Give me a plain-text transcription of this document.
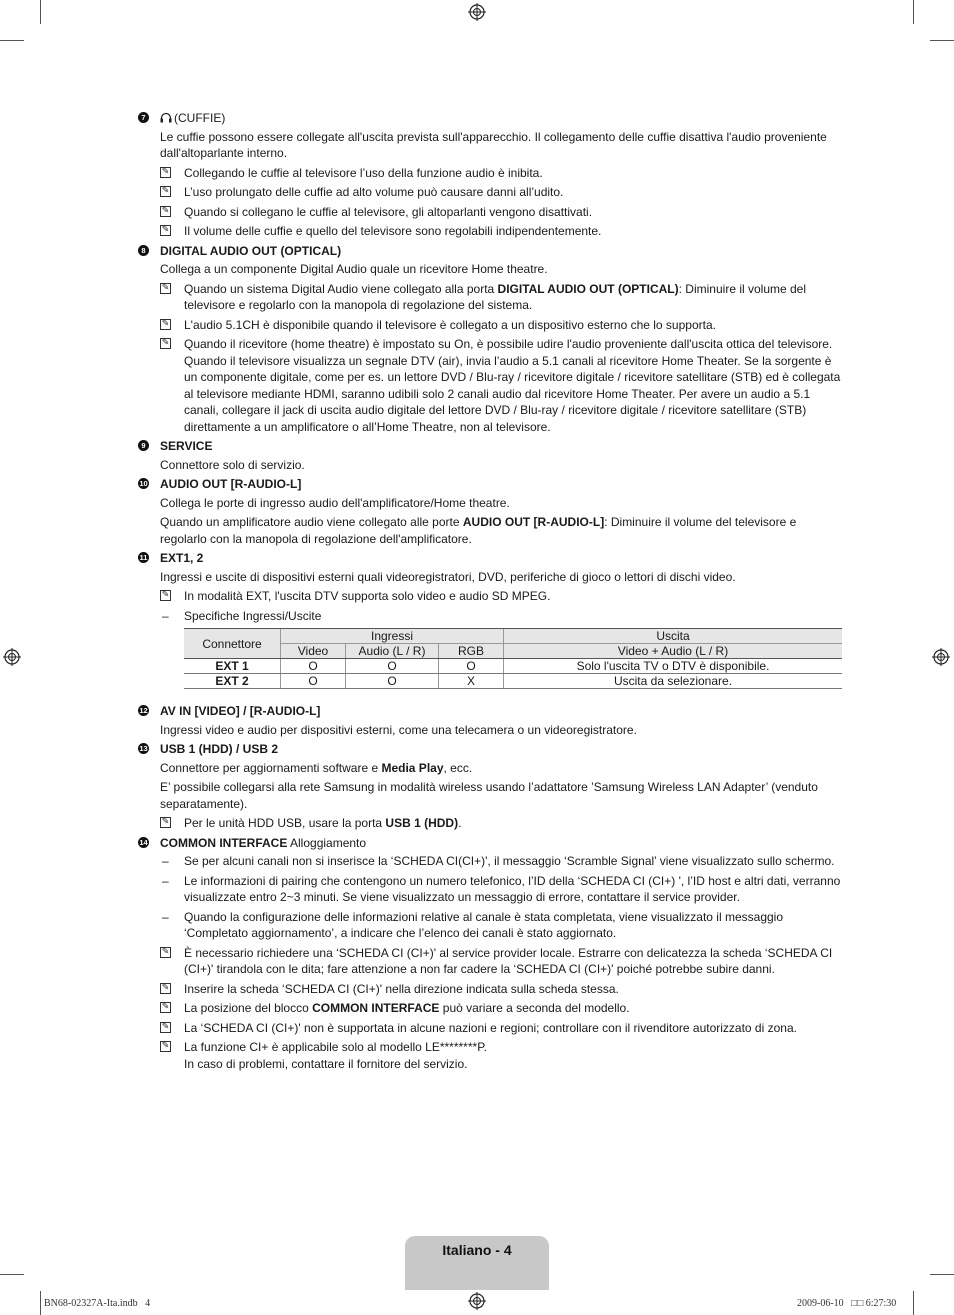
7 (CUFFIE)
Le cuffie possono essere collegate all'uscita prevista sull'apparecchio. Il collegamento delle cuffie disattiva l'audio proveniente dall'altoparlante interno.
✎ Collegando le cuffie al televisore l’uso della funzione audio è inibita.
✎ L’uso prolungato delle cuffie ad alto volume può causare danni all’udito.
✎ Quando si collegano le cuffie al televisore, gli altoparlanti vengono disattivati.
✎ Il volume delle cuffie e quello del televisore sono regolabili indipendentemente.
8 DIGITAL AUDIO OUT (OPTICAL)
Collega a un componente Digital Audio quale un ricevitore Home theatre.
✎ Quando un sistema Digital Audio viene collegato alla porta DIGITAL AUDIO OUT (OPTICAL): Diminuire il volume del televisore e regolarlo con la manopola di regolazione del sistema.
✎ L'audio 5.1CH è disponibile quando il televisore è collegato a un dispositivo esterno che lo supporta.
✎ Quando il ricevitore (home theatre) è impostato su On, è possibile udire l'audio proveniente dall'uscita ottica del televisore. Quando il televisore visualizza un segnale DTV (air), invia l’audio a 5.1 canali al ricevitore Home Theater. Se la sorgente è un componente digitale, come per es. un lettore DVD / Blu-ray / ricevitore digitale / ricevitore satellitare (STB) ed è collegata al televisore mediante HDMI, saranno udibili solo 2 canali audio dal ricevitore Home Theater. Per avere un audio a 5.1 canali, collegare il jack di uscita audio digitale del lettore DVD / Blu-ray / ricevitore digitale / ricevitore satellitare (STB) direttamente a un amplificatore o all’Home Theatre, non al televisore.
9 SERVICE
Connettore solo di servizio.
10 AUDIO OUT [R-AUDIO-L]
Collega le porte di ingresso audio dell'amplificatore/Home theatre.
Quando un amplificatore audio viene collegato alle porte AUDIO OUT [R-AUDIO-L]: Diminuire il volume del televisore e regolarlo con la manopola di regolazione dell'amplificatore.
11 EXT1, 2
Ingressi e uscite di dispositivi esterni quali videoregistratori, DVD, periferiche di gioco o lettori di dischi video.
✎ In modalità EXT, l'uscita DTV supporta solo video e audio SD MPEG.
– Specifiche Ingressi/Uscite
Connettore	Ingressi			Uscita
	Video	Audio (L / R)	RGB	Video + Audio (L / R)
EXT 1	O	O	O	Solo l'uscita TV o DTV è disponibile.
EXT 2	O	O	X	Uscita da selezionare.
12 AV IN [VIDEO] / [R-AUDIO-L]
Ingressi video e audio per dispositivi esterni, come una telecamera o un videoregistratore.
13 USB 1 (HDD) / USB 2
Connettore per aggiornamenti software e Media Play, ecc.
E’ possibile collegarsi alla rete Samsung in modalità wireless usando l’adattatore ’Samsung Wireless LAN Adapter’ (venduto separatamente).
✎ Per le unità HDD USB, usare la porta USB 1 (HDD).
14 COMMON INTERFACE Alloggiamento
– Se per alcuni canali non si inserisce la ‘SCHEDA CI(CI+)', il messaggio ‘Scramble Signal’ viene visualizzato sullo schermo.
– Le informazioni di pairing che contengono un numero telefonico, l’ID della ‘SCHEDA CI (CI+) ', l’ID host e altri dati, verranno visualizzate entro 2~3 minuti. Se viene visualizzato un messaggio di errore, contattare il service provider.
– Quando la configurazione delle informazioni relative al canale è stata completata, viene visualizzato il messaggio ‘Completato aggiornamento’, a indicare che l’elenco dei canali è stato aggiornato.
✎ È necessario richiedere una ‘SCHEDA CI (CI+)' al service provider locale. Estrarre con delicatezza la scheda ‘SCHEDA CI (CI+)' tirandola con le dita; fare attenzione a non far cadere la ‘SCHEDA CI (CI+)' poiché potrebbe subire danni.
✎ Inserire la scheda ‘SCHEDA CI (CI+)' nella direzione indicata sulla scheda stessa.
✎ La posizione del blocco COMMON INTERFACE può variare a seconda del modello.
✎ La ‘SCHEDA CI (CI+)' non è supportata in alcune nazioni e regioni; controllare con il rivenditore autorizzato di zona.
✎ La funzione CI+ è applicabile solo al modello LE********P.
In caso di problemi, contattare il fornitore del servizio.
Italiano - 4
BN68-02327A-Ita.indb   4	2009-06-10   □□ 6:27:30
